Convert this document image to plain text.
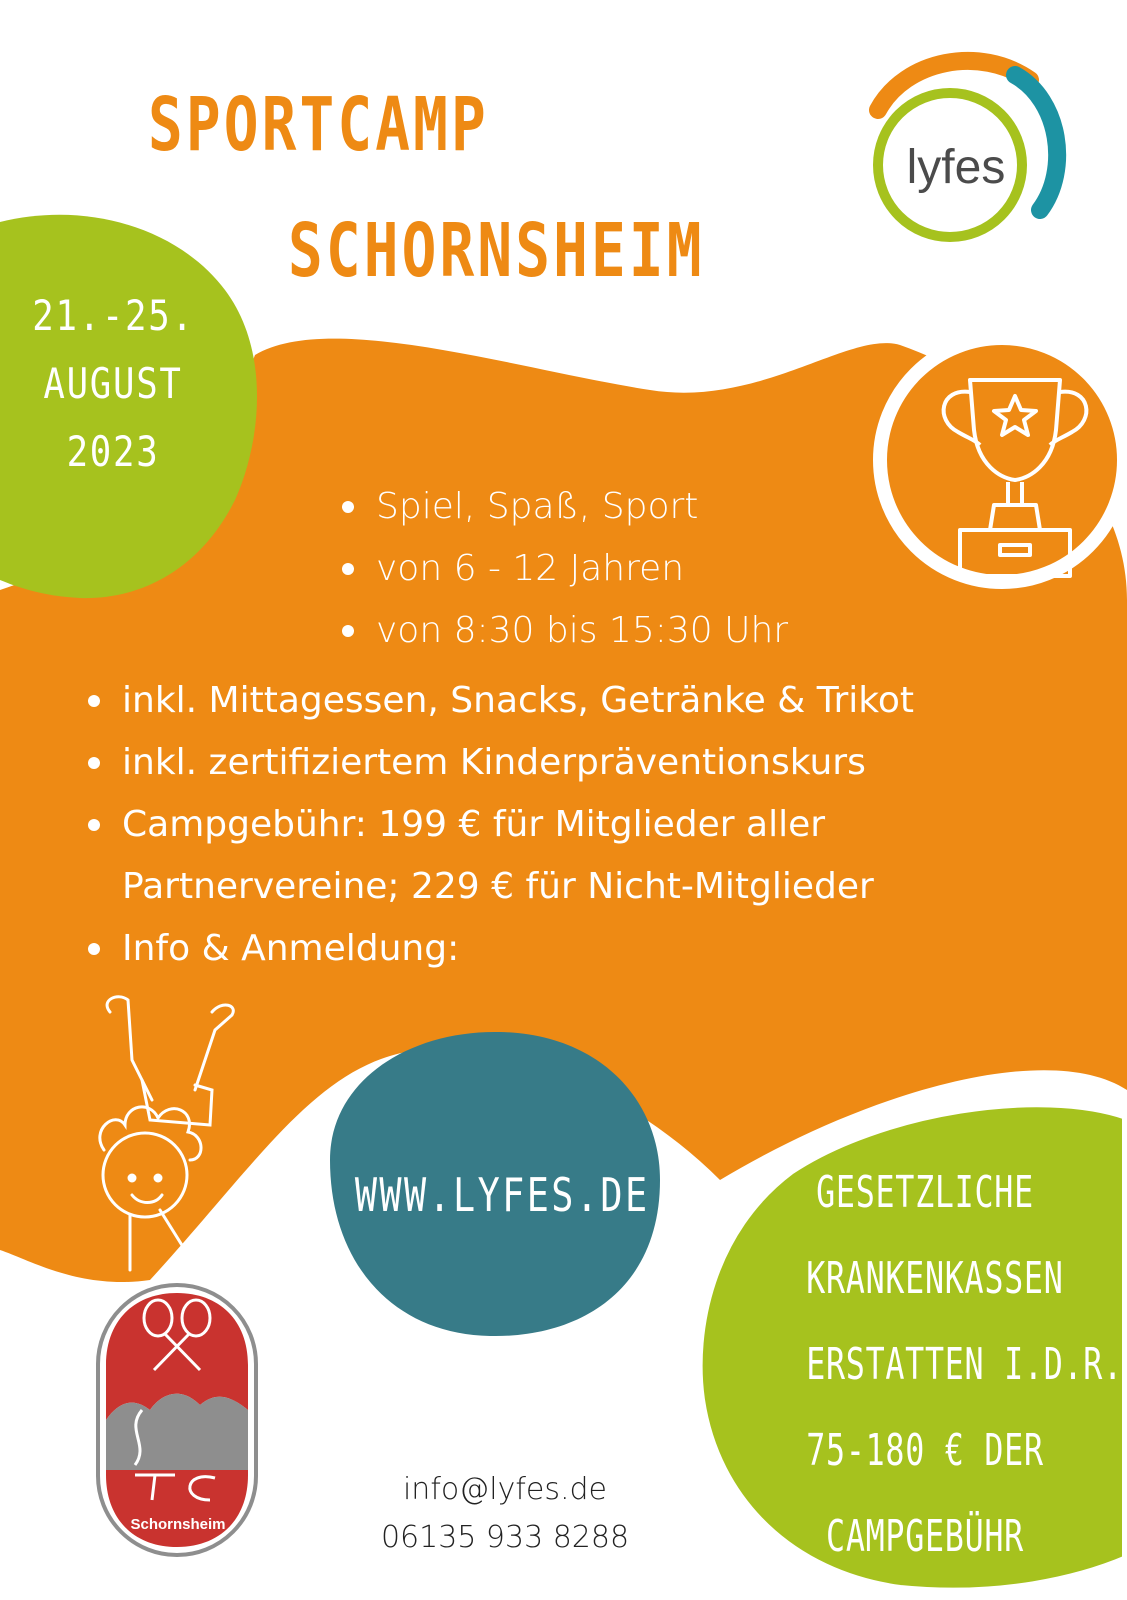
SPORTCAMP
SCHORNSHEIM
lyfes
21.-25.
AUGUST
2023
Spiel, Spaß, Sport
von 6 - 12 Jahren
von 8:30 bis 15:30 Uhr
inkl. Mittagessen, Snacks, Getränke & Trikot
inkl. zertifiziertem Kinderpräventionskurs
Campgebühr: 199 € für Mitglieder aller
Partnervereine; 229 € für Nicht-Mitglieder
Info & Anmeldung:
WWW.LYFES.DE	GESETZLICHE
KRANKENKASSEN
ERSTATTEN I.D.R.
75-180 € DER
CAMPGEBÜHR
info@lyfes.de
06135 933 8288
Schornsheim
